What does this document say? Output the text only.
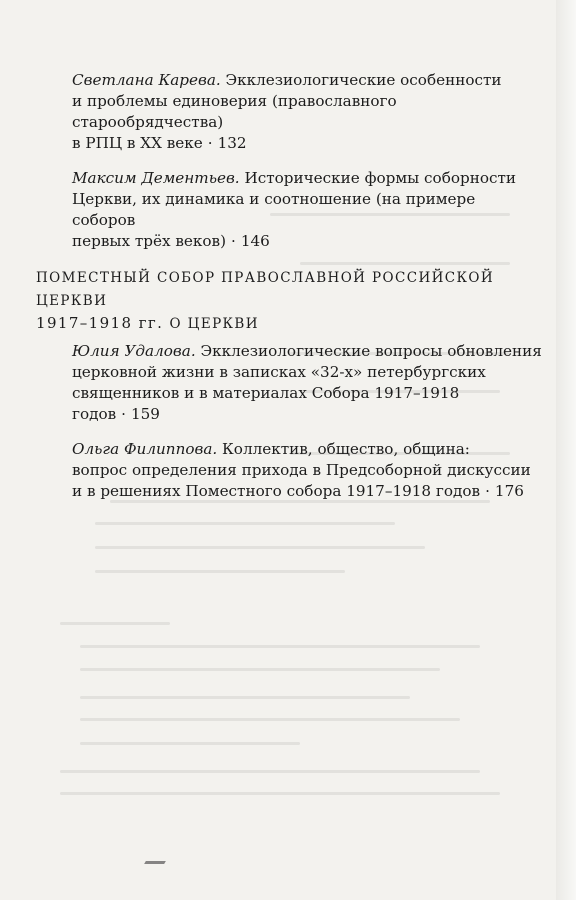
Светлана Карева. Экклезиологические особенности
и проблемы единоверия (православного старообрядчества)
в РПЦ в XX веке · 132
Максим Дементьев. Исторические формы соборности
Церкви, их динамика и соотношение (на примере соборов
первых трёх веков) · 146
ПОМЕСТНЫЙ СОБОР ПРАВОСЛАВНОЙ РОССИЙСКОЙ ЦЕРКВИ
1917–1918 гг. О ЦЕРКВИ
Юлия Удалова. Экклезиологические вопросы обновления
церковной жизни в записках «32-х» петербургских
священников и в материалах Собора 1917–1918
годов · 159
Ольга Филиппова. Коллектив, общество, община:
вопрос определения прихода в Предсоборной дискуссии
и в решениях Поместного собора 1917–1918 годов · 176
